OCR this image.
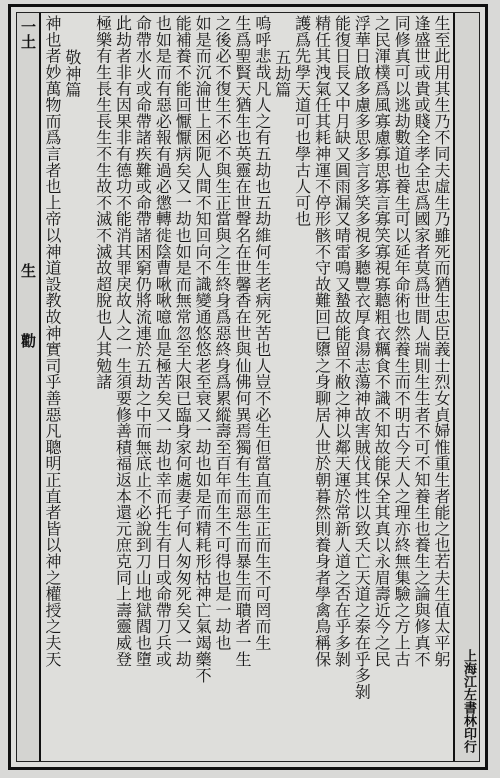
一土
生
勸	生至此用其生乃不同夫虛生乃雖死而猶生忠臣義士烈女貞婦惟重生者能之也若夫生值太平躬
逢盛世或貴或賤全孝全忠爲國家者莫爲世間人瑞則生生者不可不知養生也養生之論與修真不
同修真可以逃劫數道也養生可以延年命術也然養生而不明古今天人之理亦終無集驗之方上古
之民渾樸爲風寡慮寡思寡言寡笑寡視寡聽粗衣糲食不識不知故能保全其真以永眉壽近今之民
浮華日啟多慮多思多言多笑多視多聽豐衣厚食湯志蕩神故害賊伐其性以致夭亡天道之泰在乎多剝
能復日長又中月缺又圓雨漏又晴雷鳴又蟄故能留不敝之神以鄰天運於常新人道之否在乎多剝
精任其洩氣任其耗神運不停形骸不守故難回已隳之身聊居人世於朝暮然則養身者學禽鳥稱保
護爲先學天道可也學古人可也
五劫篇
嗚呼悲哉凡人之有五劫也五劫維何生老病死苦也人豈不必生但當直而生正而生不可罔而生
生爲聖賢天猶生也英靈在世聲名在世馨香在世與仙佛何異焉獨有生而惡生而暴生而聵者一生
之後必不復生不必不與生正當與之生終身爲惡終身爲累縱壽至百年而生不可得也是一劫也
如是而沉淪世上困阨人間不知回向不識變通悠悠老至衰又一劫也如是而精耗形枯神亡氣竭藥不
能補養不能回懨懨病矣又一劫也如是而無常忽至大限已臨身家何處妻子何人匆匆死矣又一劫
也如是而有惡必報有過必懲轉徙陰曹啾啾噫血是極苦矣又一劫也幸而托生有日或命帶刀兵或
命帶水火或命帶諸疾難或命帶諸困窮仍將流連於五劫之中而無底止不必說到刀山地獄閻也墮
此劫者非有因果非有德功不能消其罪戾故人之一生須要修善積福返本還元庶克同上壽靈威登
極樂有生長生長生不生故不滅不滅故超脫也人其勉諸
敬神篇
神也者妙萬物而爲言者也上帝以神道設教故神實司乎善惡凡聰明正直者皆以神之權授之夫天
上海江左書林印行
